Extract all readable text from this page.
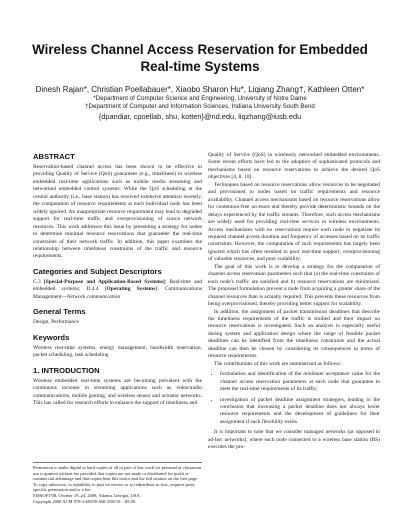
Wireless Channel Access Reservation for Embedded Real-time Systems
Dinesh Rajan*, Christian Poellabauer*, Xiaobo Sharon Hu*, Liqiang Zhang†, Kathleen Otten*
*Department of Computer Science and Engineering, University of Notre Dame
†Department of Computer and Information Sciences, Indiana University South Bend
{dpandiar, cpoellab, shu, kotten}@nd.edu, liqzhang@iusb.edu
ABSTRACT

Reservation-based channel access has been shown to be effective in providing Quality of Service (QoS) guarantees (e.g., timeliness) in wireless embedded real-time applications such as mobile media streaming and networked embedded control systems. While the QoS scheduling at the central authority (i.e., base station) has received extensive attention recently, the computation of resource requirements at each individual node has been widely ignored. An inappropriate resource requirement may lead to degraded support for real-time traffic and overprovisioning of scarce network resources. This work addresses this issue by presenting a strategy for nodes to determine minimal resource reservations that guarantee the real-time constraints of their network traffic. In addition, this paper examines the relationship between timeliness constraints of the traffic and resource requirements.

Categories and Subject Descriptors

C.3 [Special-Purpose and Application-Based Systems]: Real-time and embedded systems; D.4.4 [Operating Systems]: Communications Management—Network communication

General Terms

Design, Performance

Keywords

Wireless real-time systems, energy management, bandwidth reservation, packet scheduling, task scheduling

1. INTRODUCTION

Wireless embedded real-time systems are becoming prevalent with the continuous increase in streaming applications such as video/audio communications, mobile gaming, and wireless sensor and actuator networks. This has called for research efforts to enhance the support of timeliness and

Permission to make digital or hard copies of all or part of this work for personal or classroom use is granted without fee provided that copies are not made or distributed for profit or commercial advantage and that copies bear this notice and the full citation on the first page. To copy otherwise, to republish, to post on servers or to redistribute to lists, requires prior specific permission and/or a fee.

EMSOFT'08, October 19–24, 2008, Atlanta, Georgia, USA.

Copyright 2008 ACM 978-1-60558-468-3/08/10 ...$5.00.

Quality of Service (QoS) in wirelessly networked embedded environments. Some recent efforts have led to the adoption of sophisticated protocols and mechanisms based on resource reservations to achieve the desired QoS objectives [4, 8, 10].

Techniques based on resource reservations allow resources to be negotiated and provisioned to nodes based on traffic requirements and resource availability. Channel access mechanisms based on resource reservations allow for contention-free accesses and thereby provide deterministic bounds on the delays experienced by the traffic streams. Therefore, such access mechanisms are widely used for providing real-time services in wireless environments. Access mechanisms with no reservations require each node to negotiate its required channel access duration and frequency of accesses based on its traffic constraints. However, the computation of such requirements has largely been ignored which has often resulted in poor real-time support, overprovisioning of valuable resources, and poor scalability.

The goal of this work is to develop a strategy for the computation of channel access reservation parameters such that (a) the real-time constraints of each node's traffic are satisfied and b) resource reservations are minimized. The proposed formulation prevent a node from acquiring a greater share of the channel resources than is actually required. This prevents these resources from being overprovisioned, thereby providing better support for scalability.

In addition, the assignment of packet transmission deadlines that describe the timeliness requirements of the traffic is studied and their impact on resource reservations is investigated. Such an analysis is especially useful during system and application design where the range of feasible packet deadlines can be identified from the timeliness constraints and the actual deadline can then be chosen by considering its consequences in terms of resource requirements.

The contributions of this work are summarized as follows:

• formulation and identification of the minimum acceptance value for the channel access reservation parameters at each node that guarantee to meet the real-time requirements of its traffic;
• investigation of packet deadline assignment strategies, leading to the conclusion that increasing a packet deadline does not always lower resource requirements and the development of guidelines for their assignment if such flexibility exists.

It is important to note that we consider managed networks (as opposed to ad-hoc networks), where each node connected to a wireless base station (BS) executes the pro-
